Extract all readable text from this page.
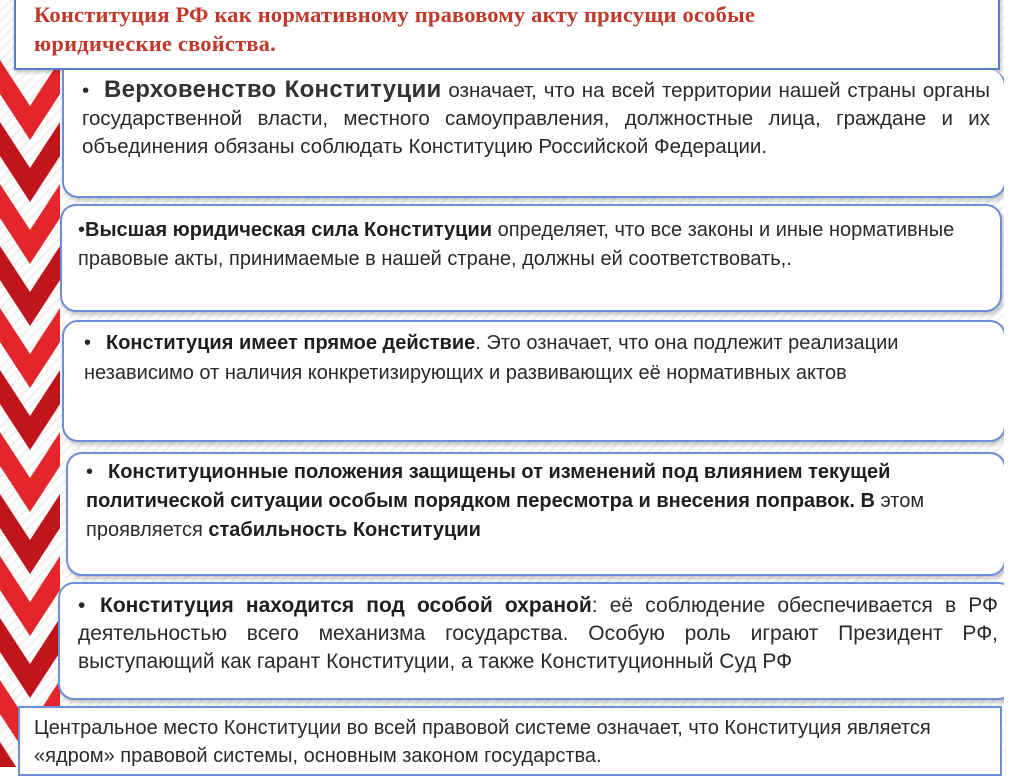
Конституция РФ как нормативному правовому акту присущи особые
юридические свойства.
• Верховенство Конституции означает, что на всей территории нашей страны органы государственной власти, местного самоуправления, должностные лица, граждане и их объединения обязаны соблюдать Конституцию Российской Федерации.
•Высшая юридическая сила Конституции определяет, что все законы и иные нормативные правовые акты, принимаемые в нашей стране, должны ей соответствовать,.
• Конституция имеет прямое действие. Это означает, что она подлежит реализации независимо от наличия конкретизирующих и развивающих её нормативных актов
• Конституционные положения защищены от изменений под влиянием текущей политической ситуации особым порядком пересмотра и внесения поправок. В этом проявляется стабильность Конституции
• Конституция находится под особой охраной: её соблюдение обеспечивается в РФ деятельностью всего механизма государства. Особую роль играют Президент РФ, выступающий как гарант Конституции, а также Конституционный Суд РФ
Центральное место Конституции во всей правовой системе означает, что Конституция является «ядром» правовой системы, основным законом государства.
